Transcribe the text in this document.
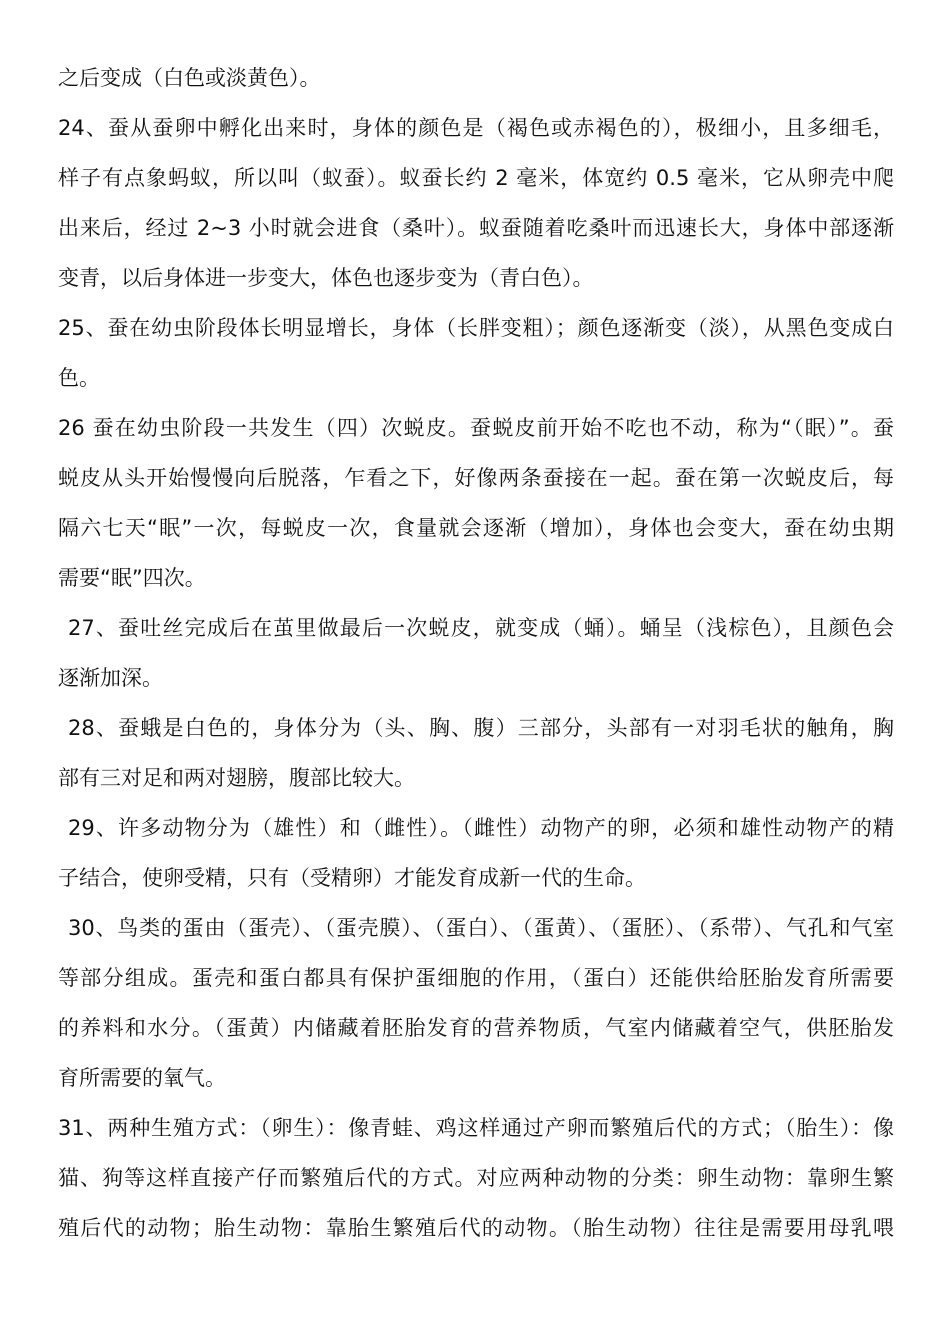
之后变成（白色或淡黄色）。
24、蚕从蚕卵中孵化出来时，身体的颜色是（褐色或赤褐色的），极细小，且多细毛，
样子有点象蚂蚁，所以叫（蚁蚕）。蚁蚕长约 2 毫米，体宽约 0.5 毫米，它从卵壳中爬
出来后，经过 2~3 小时就会进食（桑叶）。蚁蚕随着吃桑叶而迅速长大，身体中部逐渐
变青，以后身体进一步变大，体色也逐步变为（青白色）。
25、蚕在幼虫阶段体长明显增长，身体（长胖变粗）；颜色逐渐变（淡），从黑色变成白
色。
26 蚕在幼虫阶段一共发生（四）次蜕皮。蚕蜕皮前开始不吃也不动，称为“（眠）”。蚕
蜕皮从头开始慢慢向后脱落，乍看之下，好像两条蚕接在一起。蚕在第一次蜕皮后，每
隔六七天“眠”一次，每蜕皮一次，食量就会逐渐（增加），身体也会变大，蚕在幼虫期
需要“眠”四次。
27、蚕吐丝完成后在茧里做最后一次蜕皮，就变成（蛹）。蛹呈（浅棕色），且颜色会
逐渐加深。
28、蚕蛾是白色的，身体分为（头、胸、腹）三部分，头部有一对羽毛状的触角，胸
部有三对足和两对翅膀，腹部比较大。
29、许多动物分为（雄性）和（雌性）。（雌性）动物产的卵，必须和雄性动物产的精
子结合，使卵受精，只有（受精卵）才能发育成新一代的生命。
30、鸟类的蛋由（蛋壳）、（蛋壳膜）、（蛋白）、（蛋黄）、（蛋胚）、（系带）、气孔和气室
等部分组成。蛋壳和蛋白都具有保护蛋细胞的作用，（蛋白）还能供给胚胎发育所需要
的养料和水分。（蛋黄）内储藏着胚胎发育的营养物质，气室内储藏着空气，供胚胎发
育所需要的氧气。
31、两种生殖方式：（卵生）：像青蛙、鸡这样通过产卵而繁殖后代的方式；（胎生）：像
猫、狗等这样直接产仔而繁殖后代的方式。对应两种动物的分类：卵生动物：靠卵生繁
殖后代的动物；胎生动物：靠胎生繁殖后代的动物。（胎生动物）往往是需要用母乳喂
